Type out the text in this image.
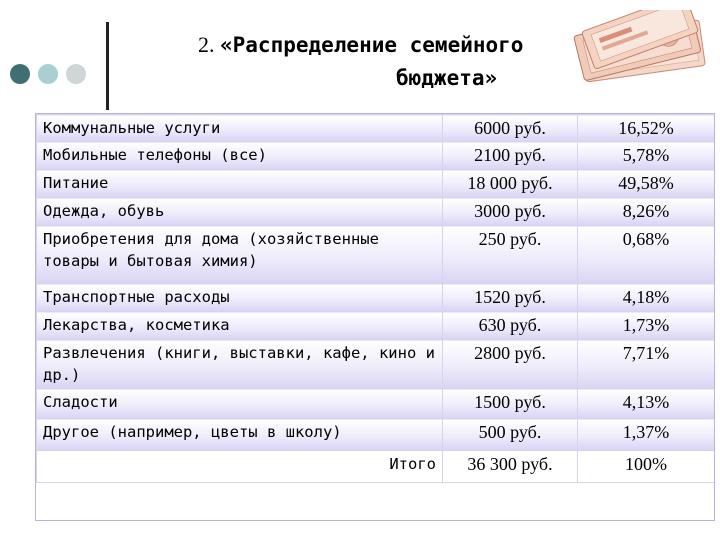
2. «Распределение семейного
бюджета»
Коммунальные услуги	6000 руб.	16,52%
Мобильные телефоны (все)	2100 руб.	5,78%
Питание	18 000 руб.	49,58%
Одежда, обувь	3000 руб.	8,26%
Приобретения для дома (хозяйственные товары и бытовая химия)	250 руб.	0,68%
Транспортные расходы	1520 руб.	4,18%
Лекарства, косметика	630 руб.	1,73%
Развлечения (книги, выставки, кафе, кино и др.)	2800 руб.	7,71%
Сладости	1500 руб.	4,13%
Другое (например, цветы в школу)	500 руб.	1,37%
Итого	36 300 руб.	100%
